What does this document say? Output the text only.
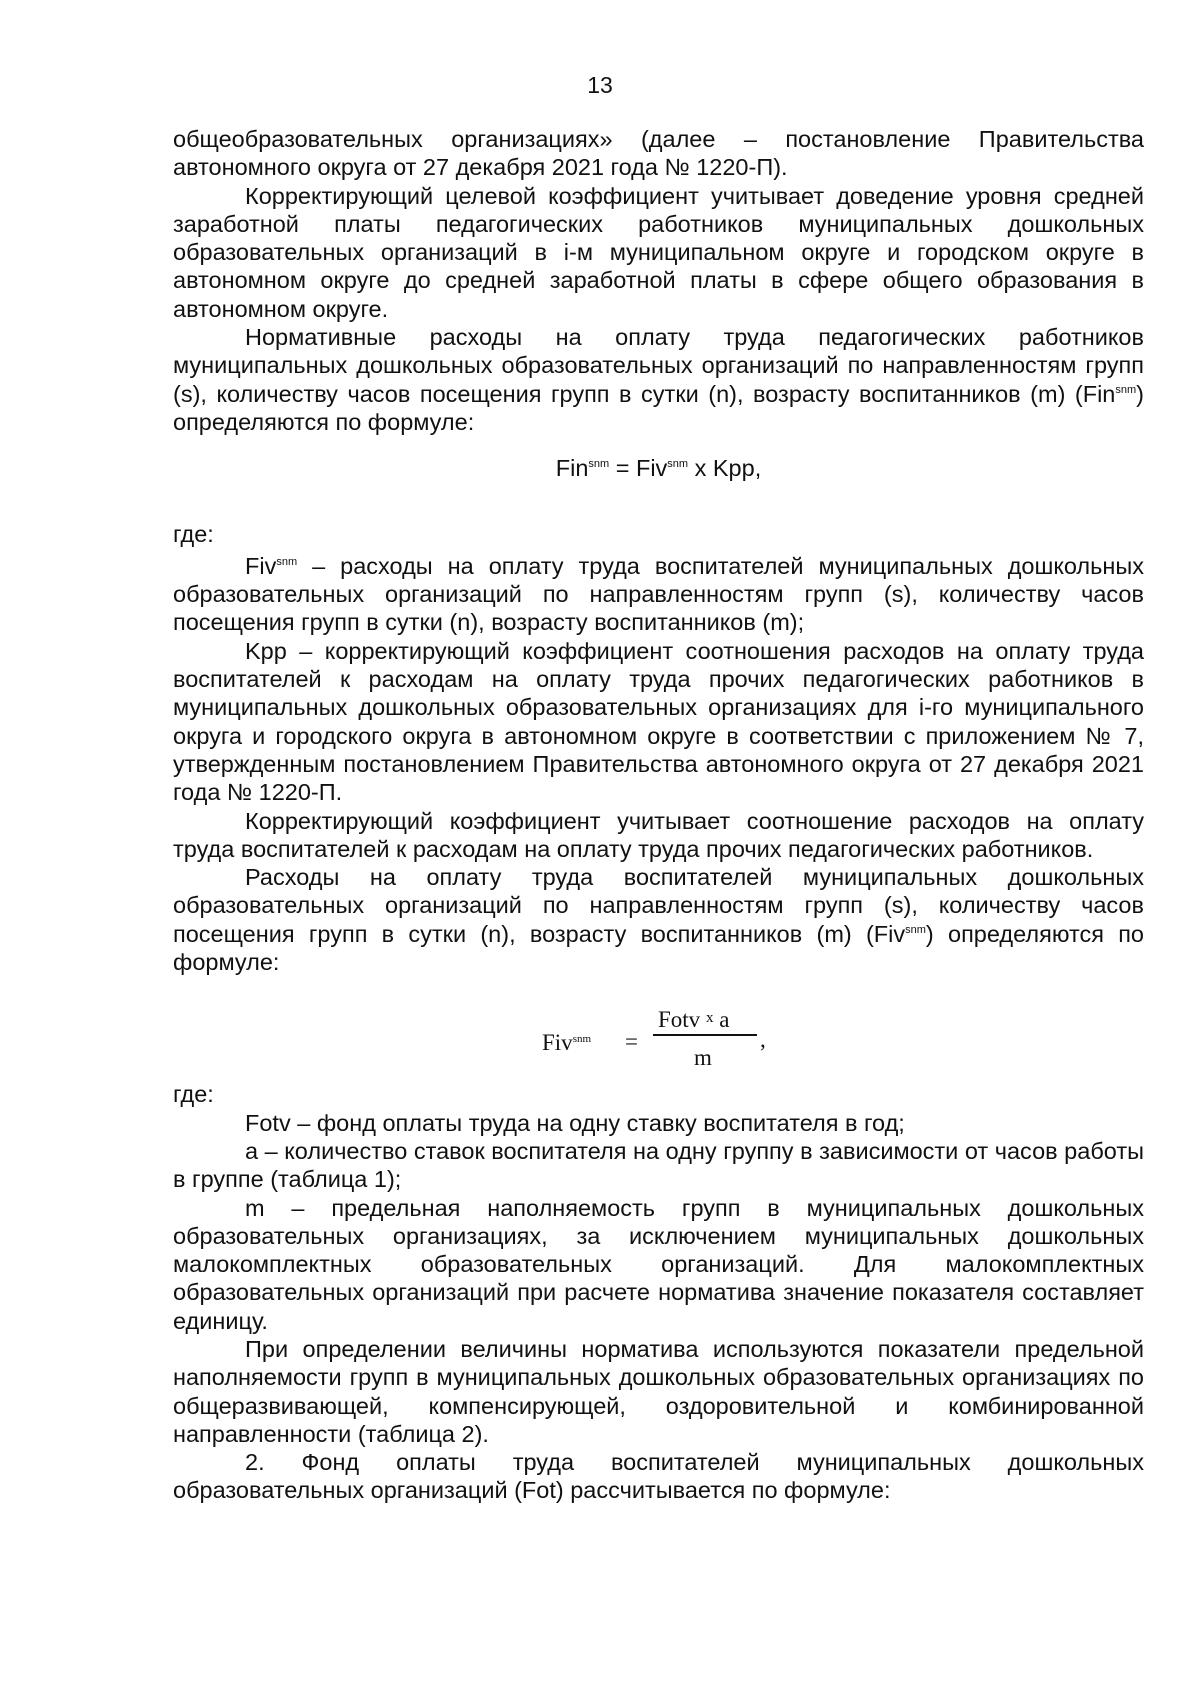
13

общеобразовательных организациях» (далее – постановление Правительства автономного округа от 27 декабря 2021 года № 1220-П).

Корректирующий целевой коэффициент учитывает доведение уровня средней заработной платы педагогических работников муниципальных дошкольных образовательных организаций в i-м муниципальном округе и городском округе в автономном округе до средней заработной платы в сфере общего образования в автономном округе.

Нормативные расходы на оплату труда педагогических работников муниципальных дошкольных образовательных организаций по направленностям групп (s), количеству часов посещения групп в сутки (n), возрасту воспитанников (m) (Fin$^{snm}$) определяются по формуле:

Fin$^{snm}$ = Fiv$^{snm}$ х Kрр,

где:

Fiv$^{snm}$ – расходы на оплату труда воспитателей муниципальных дошкольных образовательных организаций по направленностям групп (s), количеству часов посещения групп в сутки (n), возрасту воспитанников (m);

Kрр – корректирующий коэффициент соотношения расходов на оплату труда воспитателей к расходам на оплату труда прочих педагогических работников в муниципальных дошкольных образовательных организациях для i-го муниципального округа и городского округа в автономном округе в соответствии с приложением № 7, утвержденным постановлением Правительства автономного округа от 27 декабря 2021 года № 1220-П.

Корректирующий коэффициент учитывает соотношение расходов на оплату труда воспитателей к расходам на оплату труда прочих педагогических работников.

Расходы на оплату труда воспитателей муниципальных дошкольных образовательных организаций по направленностям групп (s), количеству часов посещения групп в сутки (n), возрасту воспитанников (m) (Fiv$^{snm}$) определяются по формуле:

Fiv$^{snm}$ =
Fotv $^х$ a
m
,

где:

Fotv – фонд оплаты труда на одну ставку воспитателя в год;

a – количество ставок воспитателя на одну группу в зависимости от часов работы в группе (таблица 1);

m – предельная наполняемость групп в муниципальных дошкольных образовательных организациях, за исключением муниципальных дошкольных малокомплектных образовательных организаций. Для малокомплектных образовательных организаций при расчете норматива значение показателя составляет единицу.

При определении величины норматива используются показатели предельной наполняемости групп в муниципальных дошкольных образовательных организациях по общеразвивающей, компенсирующей, оздоровительной и комбинированной направленности (таблица 2).

2. Фонд оплаты труда воспитателей муниципальных дошкольных образовательных организаций (Fot) рассчитывается по формуле:
